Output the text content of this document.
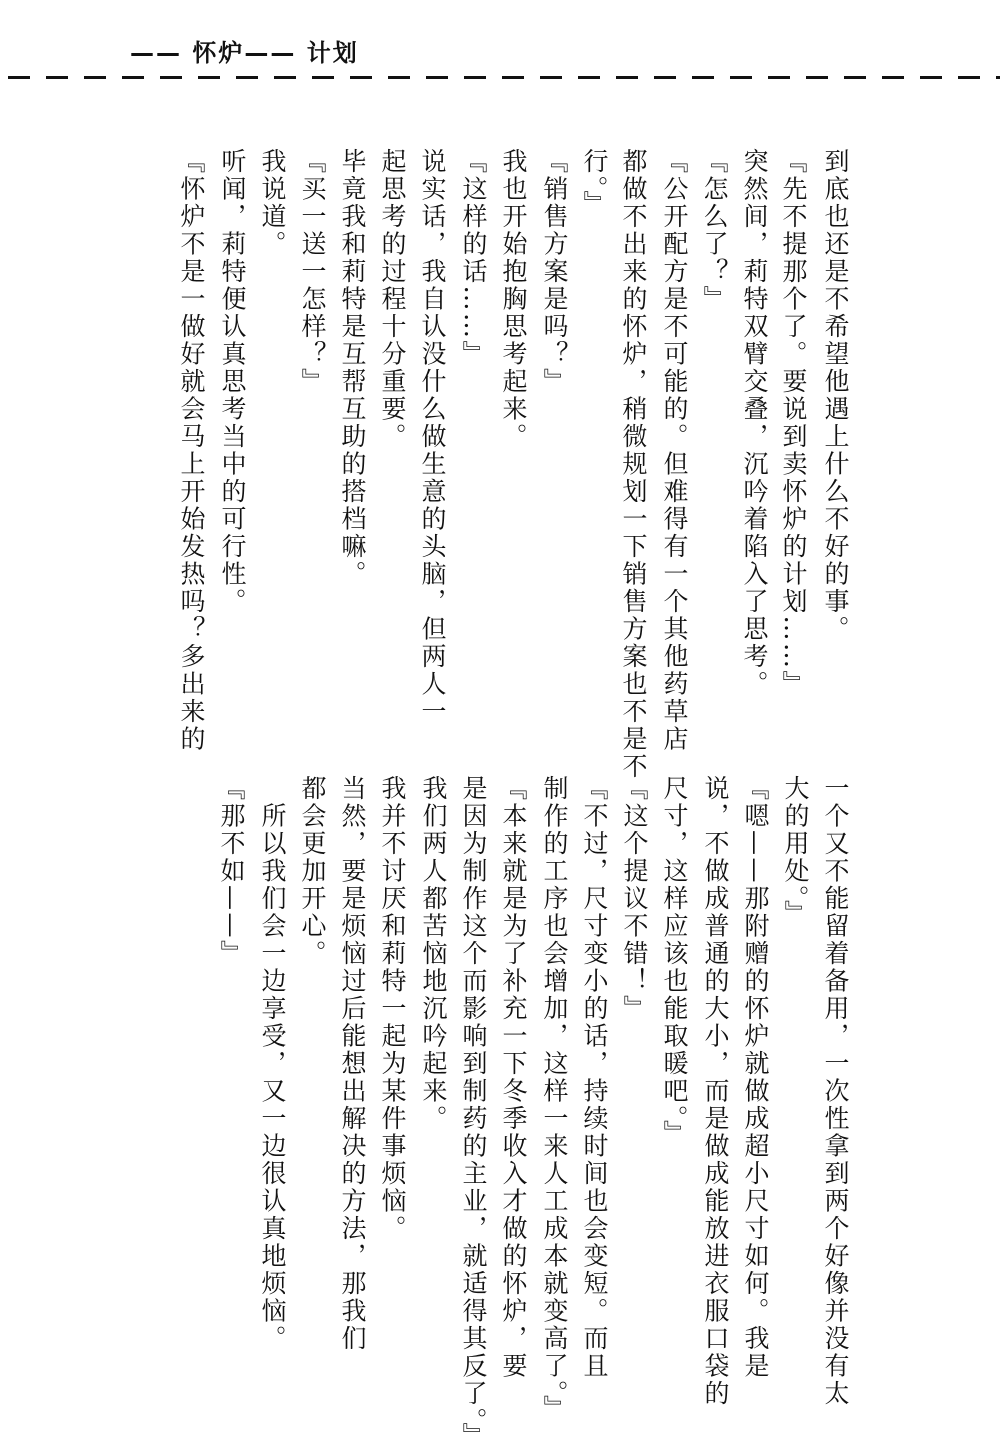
—— 怀炉—— 计划
到底也还是不希望他遇上什么不好的事。
『先不提那个了。要说到卖怀炉的计划……』
突然间，莉特双臂交叠，沉吟着陷入了思考。
『怎么了？』
『公开配方是不可能的。但难得有一个其他药草店
都做不出来的怀炉，稍微规划一下销售方案也不是不
行。』
『销售方案是吗？』
我也开始抱胸思考起来。
『这样的话……』
说实话，我自认没什么做生意的头脑，但两人一
起思考的过程十分重要。
毕竟我和莉特是互帮互助的搭档嘛。
『买一送一怎样？』
我说道。
听闻，莉特便认真思考当中的可行性。
『怀炉不是一做好就会马上开始发热吗？多出来的
一个又不能留着备用，一次性拿到两个好像并没有太
大的用处。』
『嗯——那附赠的怀炉就做成超小尺寸如何。我是
说，不做成普通的大小，而是做成能放进衣服口袋的
尺寸，这样应该也能取暖吧。』
『这个提议不错！』
『不过，尺寸变小的话，持续时间也会变短。而且
制作的工序也会增加，这样一来人工成本就变高了。』
『本来就是为了补充一下冬季收入才做的怀炉，要
是因为制作这个而影响到制药的主业，就适得其反了。』
我们两人都苦恼地沉吟起来。
我并不讨厌和莉特一起为某件事烦恼。
当然，要是烦恼过后能想出解决的方法，那我们
都会更加开心。
　所以我们会一边享受，又一边很认真地烦恼。
『那不如——』
